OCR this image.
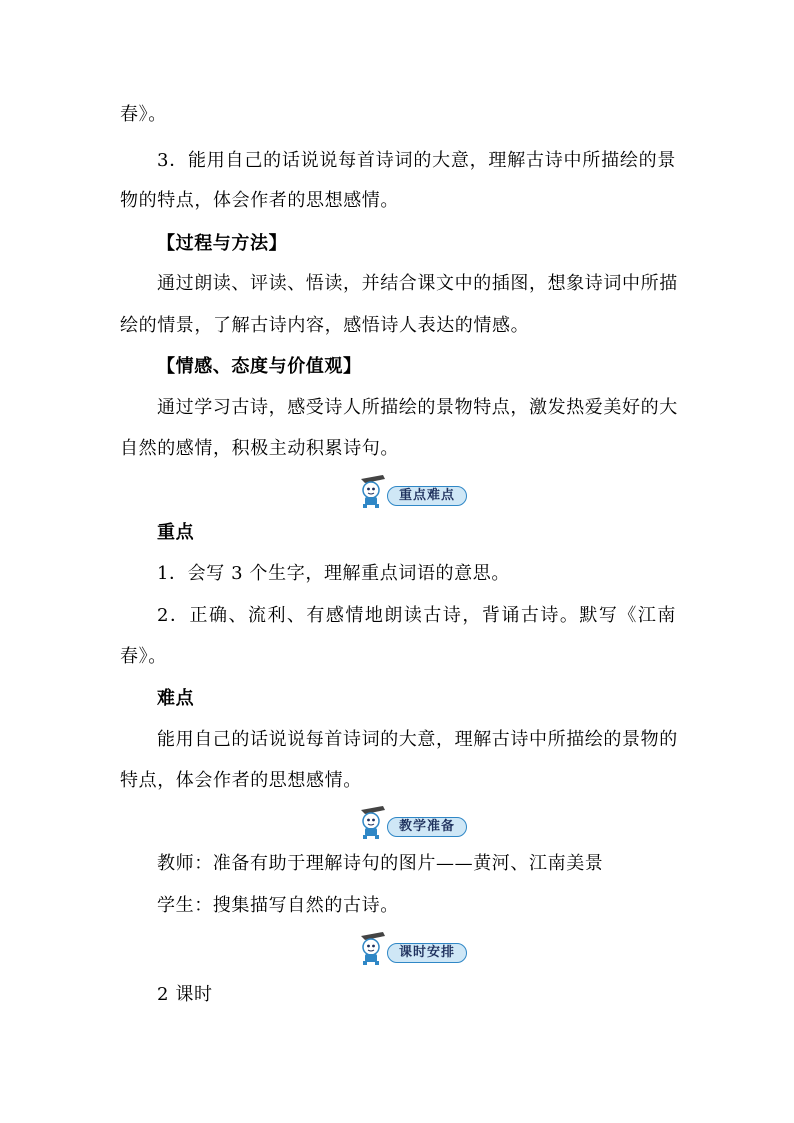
春》。
3．能用自己的话说说每首诗词的大意，理解古诗中所描绘的景
物的特点，体会作者的思想感情。
【过程与方法】
通过朗读、评读、悟读，并结合课文中的插图，想象诗词中所描
绘的情景，了解古诗内容，感悟诗人表达的情感。
【情感、态度与价值观】
通过学习古诗，感受诗人所描绘的景物特点，激发热爱美好的大
自然的感情，积极主动积累诗句。
重点难点
重点
1．会写 3 个生字，理解重点词语的意思。
2．正确、流利、有感情地朗读古诗，背诵古诗。默写《江南
春》。
难点
能用自己的话说说每首诗词的大意，理解古诗中所描绘的景物的
特点，体会作者的思想感情。
教学准备
教师：准备有助于理解诗句的图片——黄河、江南美景
学生：搜集描写自然的古诗。
课时安排
2 课时
